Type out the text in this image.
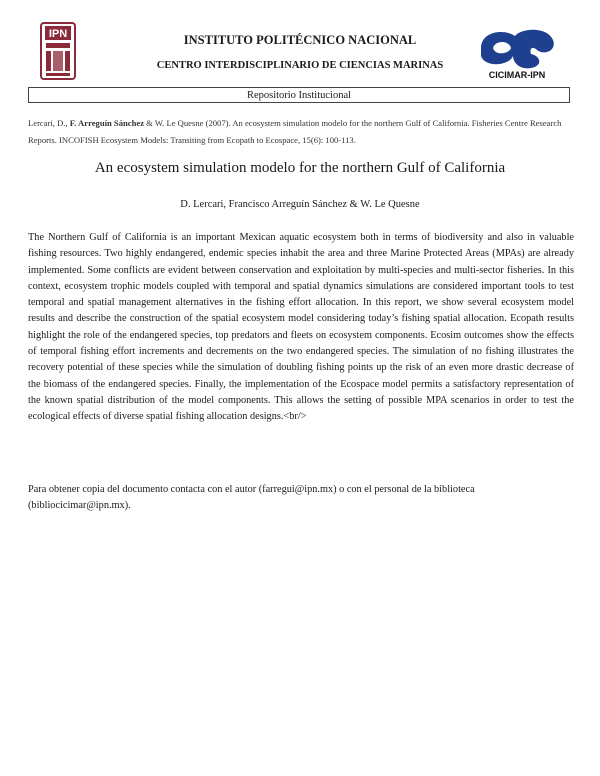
IPN
CICIMAR-IPN
INSTITUTO POLITÉCNICO NACIONAL
CENTRO INTERDISCIPLINARIO DE CIENCIAS MARINAS
Repositorio Institucional
Lercari, D., F. Arreguín Sánchez & W. Le Quesne (2007). An ecosystem simulation modelo for the northern Gulf of California. Fisheries Centre Research Reports. INCOFISH Ecosystem Models: Transiting from Ecopath to Ecospace, 15(6): 100-113.
An ecosystem simulation modelo for the northern Gulf of California
D. Lercari, Francisco Arreguín Sánchez & W. Le Quesne
The Northern Gulf of California is an important Mexican aquatic ecosystem both in terms of biodiversity and also in valuable fishing resources. Two highly endangered, endemic species inhabit the area and three Marine Protected Areas (MPAs) are already implemented. Some conflicts are evident between conservation and exploitation by multi-species and multi-sector fisheries. In this context, ecosystem trophic models coupled with temporal and spatial dynamics simulations are considered important tools to test temporal and spatial management alternatives in the fishing effort allocation. In this report, we show several ecosystem model results and describe the construction of the spatial ecosystem model considering today’s fishing spatial allocation. Ecopath results highlight the role of the endangered species, top predators and fleets on ecosystem components. Ecosim outcomes show the effects of temporal fishing effort increments and decrements on the two endangered species. The simulation of no fishing illustrates the recovery potential of these species while the simulation of doubling fishing points up the risk of an even more drastic decrease of the biomass of the endangered species. Finally, the implementation of the Ecospace model permits a satisfactory representation of the known spatial distribution of the model components. This allows the setting of possible MPA scenarios in order to test the ecological effects of diverse spatial fishing allocation designs.<br/>
Para obtener copia del documento contacta con el autor (farregui@ipn.mx) o con el personal de la biblioteca (bibliocicimar@ipn.mx).
